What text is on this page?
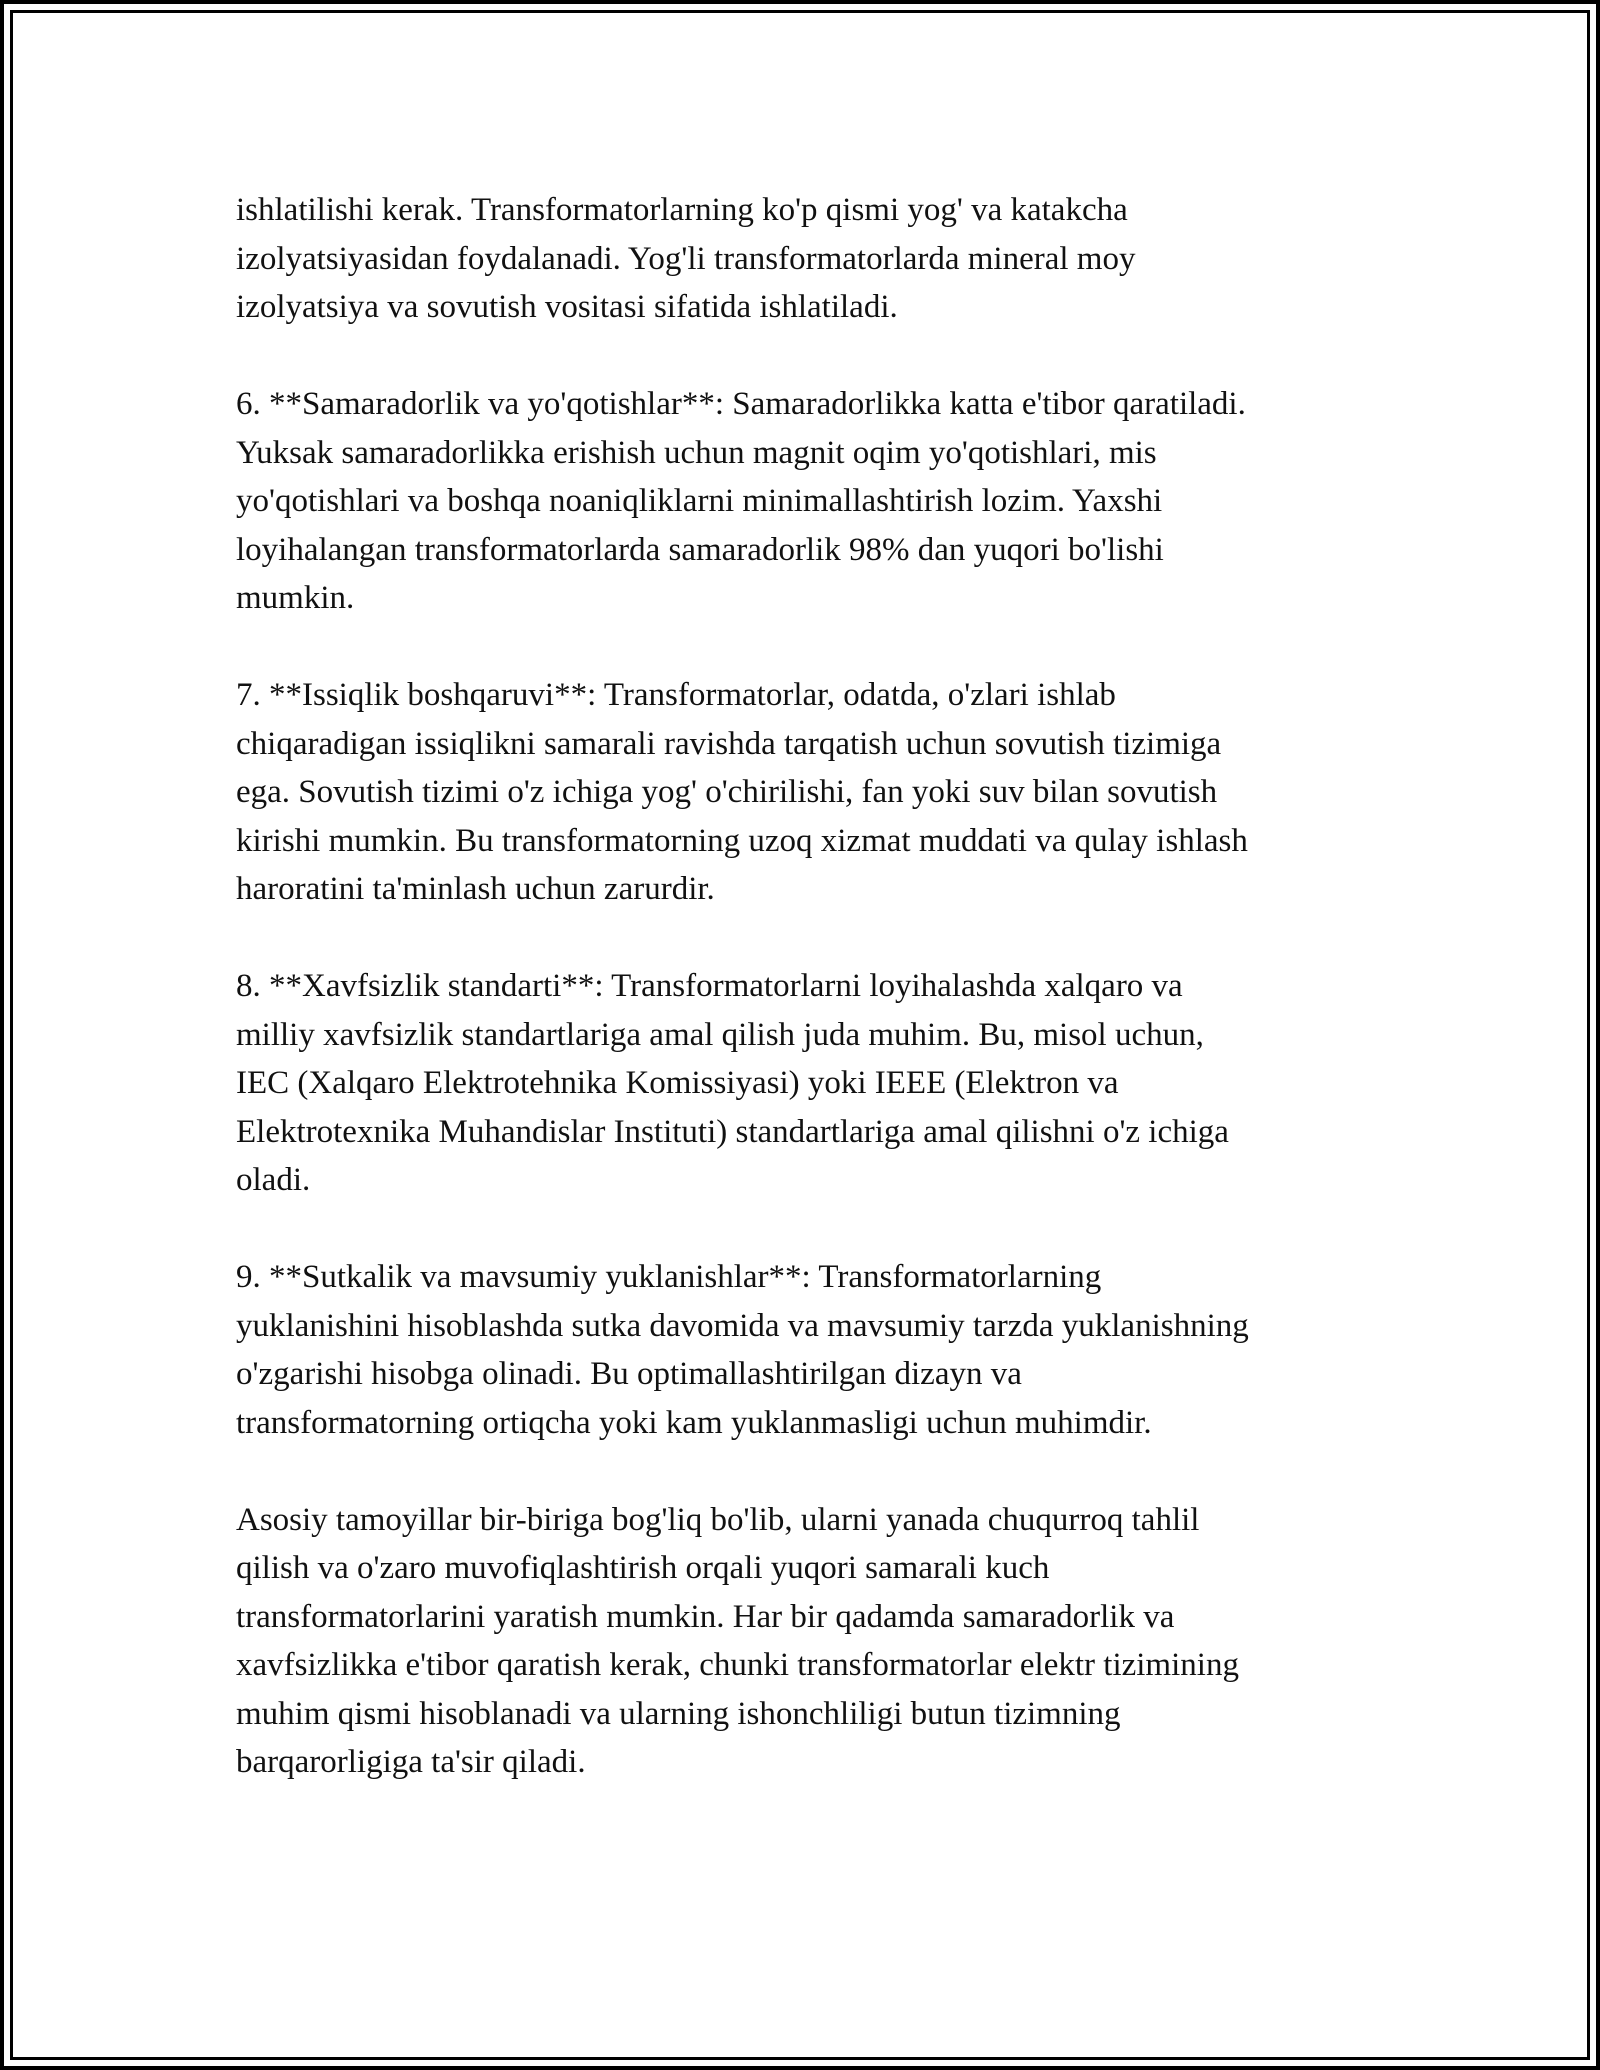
ishlatilishi kerak. Transformatorlarning ko'p qismi yog' va katakcha
izolyatsiyasidan foydalanadi. Yog'li transformatorlarda mineral moy
izolyatsiya va sovutish vositasi sifatida ishlatiladi.

6. **Samaradorlik va yo'qotishlar**: Samaradorlikka katta e'tibor qaratiladi.
Yuksak samaradorlikka erishish uchun magnit oqim yo'qotishlari, mis
yo'qotishlari va boshqa noaniqliklarni minimallashtirish lozim. Yaxshi
loyihalangan transformatorlarda samaradorlik 98% dan yuqori bo'lishi
mumkin.

7. **Issiqlik boshqaruvi**: Transformatorlar, odatda, o'zlari ishlab
chiqaradigan issiqlikni samarali ravishda tarqatish uchun sovutish tizimiga
ega. Sovutish tizimi o'z ichiga yog' o'chirilishi, fan yoki suv bilan sovutish
kirishi mumkin. Bu transformatorning uzoq xizmat muddati va qulay ishlash
haroratini ta'minlash uchun zarurdir.

8. **Xavfsizlik standarti**: Transformatorlarni loyihalashda xalqaro va
milliy xavfsizlik standartlariga amal qilish juda muhim. Bu, misol uchun,
IEC (Xalqaro Elektrotehnika Komissiyasi) yoki IEEE (Elektron va
Elektrotexnika Muhandislar Instituti) standartlariga amal qilishni o'z ichiga
oladi.

9. **Sutkalik va mavsumiy yuklanishlar**: Transformatorlarning
yuklanishini hisoblashda sutka davomida va mavsumiy tarzda yuklanishning
o'zgarishi hisobga olinadi. Bu optimallashtirilgan dizayn va
transformatorning ortiqcha yoki kam yuklanmasligi uchun muhimdir.

Asosiy tamoyillar bir-biriga bog'liq bo'lib, ularni yanada chuqurroq tahlil
qilish va o'zaro muvofiqlashtirish orqali yuqori samarali kuch
transformatorlarini yaratish mumkin. Har bir qadamda samaradorlik va
xavfsizlikka e'tibor qaratish kerak, chunki transformatorlar elektr tizimining
muhim qismi hisoblanadi va ularning ishonchliligi butun tizimning
barqarorligiga ta'sir qiladi.
